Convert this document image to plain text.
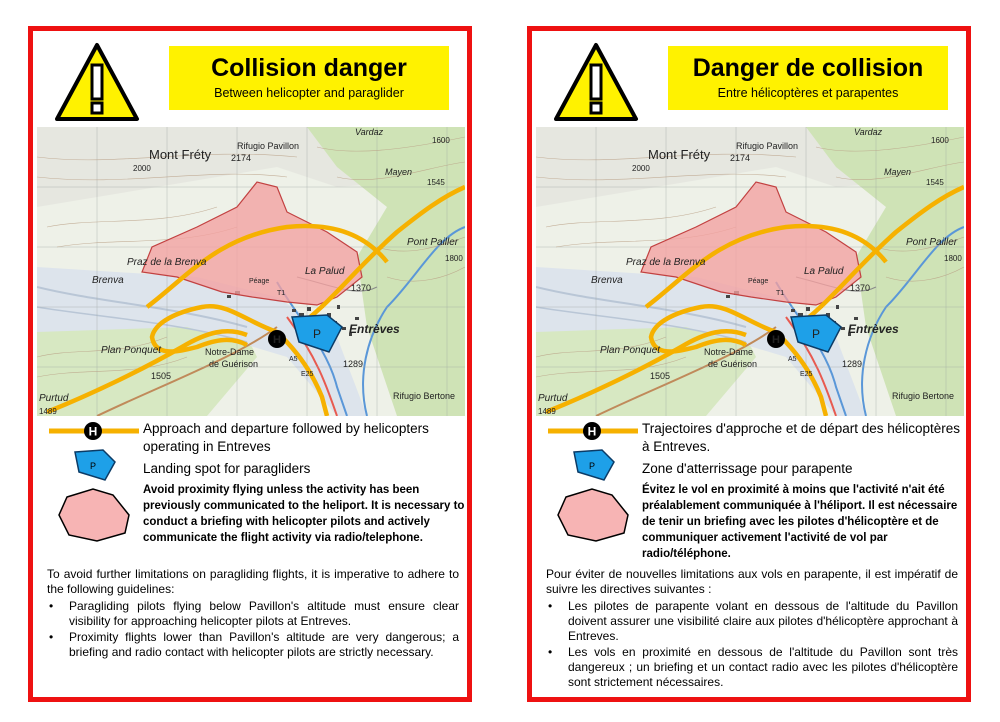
Collision danger
Between helicopter and paraglider
H	P
Mont Fréty
Rifugio Pavillon
2174
Vardaz
Mayen
1545
Pont Pailler
Praz de la Brenva
Brenva
La Palud
Péage
T1
1370
Entrèves
Plan Ponquet	Notre-Dame
de Guérison	A5
E25
1289
1505
Purtud
1489
Rifugio Bertone
1600
1800
2000
H	Approach and departure followed by helicopters operating in Entreves
P	Landing spot for paragliders
Avoid proximity flying unless the activity has been previously communicated to the heliport. It is necessary to conduct a briefing with helicopter pilots and actively communicate the flight activity via radio/telephone.
To avoid further limitations on paragliding flights, it is imperative to adhere to the following guidelines:
• Paragliding pilots flying below Pavillon's altitude must ensure clear visibility for approaching helicopter pilots at Entreves.
• Proximity flights lower than Pavillon's altitude are very dangerous; a briefing and radio contact with helicopter pilots are strictly necessary.
Danger de collision
Entre hélicoptères et parapentes
H	P
Mont Fréty
Rifugio Pavillon
2174
Vardaz
Mayen
1545
Pont Pailler
Praz de la Brenva
Brenva
La Palud
Péage
T1
1370
Entrèves
Plan Ponquet	Notre-Dame
de Guérison	A5
E25
1289
1505
Purtud
1489
Rifugio Bertone
1600
1800
2000
H	Trajectoires d'approche et de départ des hélicoptères à Entreves.
P	Zone d'atterrissage pour parapente
Évitez le vol en proximité à moins que l'activité n'ait été préalablement communiquée à l'héliport. Il est nécessaire de tenir un briefing avec les pilotes d'hélicoptère et de communiquer activement l'activité de vol par radio/téléphone.
Pour éviter de nouvelles limitations aux vols en parapente, il est impératif de suivre les directives suivantes :
• Les pilotes de parapente volant en dessous de l'altitude du Pavillon doivent assurer une visibilité claire aux pilotes d'hélicoptère approchant à Entreves.
• Les vols en proximité en dessous de l'altitude du Pavillon sont très dangereux ; un briefing et un contact radio avec les pilotes d'hélicoptère sont strictement nécessaires.
